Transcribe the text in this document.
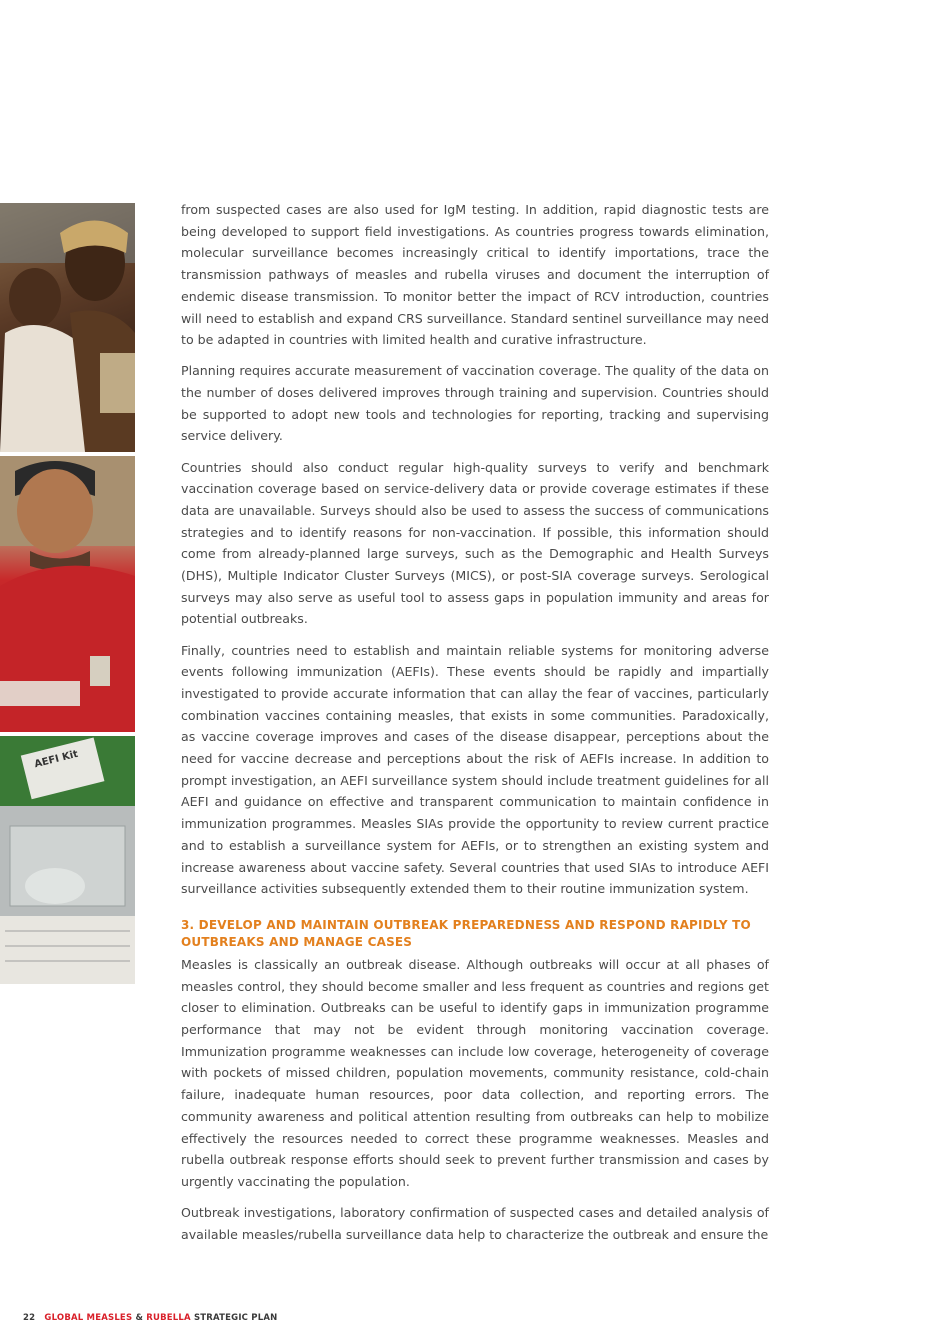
AEFI Kit

from suspected cases are also used for IgM testing. In addition, rapid diagnostic tests are being developed to support field investigations. As countries progress towards elimination, molecular surveillance becomes increasingly critical to identify importations, trace the transmission pathways of measles and rubella viruses and document the interruption of endemic disease transmission. To monitor better the impact of RCV introduction, countries will need to establish and expand CRS surveillance. Standard sentinel surveillance may need to be adapted in countries with limited health and curative infrastructure.

Planning requires accurate measurement of vaccination coverage. The quality of the data on the number of doses delivered improves through training and supervision. Countries should be supported to adopt new tools and technologies for reporting, tracking and supervising service delivery.

Countries should also conduct regular high-quality surveys to verify and benchmark vaccination coverage based on service-delivery data or provide coverage estimates if these data are unavailable. Surveys should also be used to assess the success of communications strategies and to identify reasons for non-vaccination. If possible, this information should come from already-planned large surveys, such as the Demographic and Health Surveys (DHS), Multiple Indicator Cluster Surveys (MICS), or post-SIA coverage surveys. Serological surveys may also serve as useful tool to assess gaps in population immunity and areas for potential outbreaks.

Finally, countries need to establish and maintain reliable systems for monitoring adverse events following immunization (AEFIs). These events should be rapidly and impartially investigated to provide accurate information that can allay the fear of vaccines, particularly combination vaccines containing measles, that exists in some communities. Paradoxically, as vaccine coverage improves and cases of the disease disappear, perceptions about the need for vaccine decrease and perceptions about the risk of AEFIs increase. In addition to prompt investigation, an AEFI surveillance system should include treatment guidelines for all AEFI and guidance on effective and transparent communication to maintain confidence in immunization programmes. Measles SIAs provide the opportunity to review current practice and to establish a surveillance system for AEFIs, or to strengthen an existing system and increase awareness about vaccine safety. Several countries that used SIAs to introduce AEFI surveillance activities subsequently extended them to their routine immunization system.

3. DEVELOP AND MAINTAIN OUTBREAK PREPAREDNESS AND RESPOND RAPIDLY TO OUTBREAKS AND MANAGE CASES

Measles is classically an outbreak disease. Although outbreaks will occur at all phases of measles control, they should become smaller and less frequent as countries and regions get closer to elimination. Outbreaks can be useful to identify gaps in immunization programme performance that may not be evident through monitoring vaccination coverage. Immunization programme weaknesses can include low coverage, heterogeneity of coverage with pockets of missed children, population movements, community resistance, cold-chain failure, inadequate human resources, poor data collection, and reporting errors. The community awareness and political attention resulting from outbreaks can help to mobilize effectively the resources needed to correct these programme weaknesses. Measles and rubella outbreak response efforts should seek to prevent further transmission and cases by urgently vaccinating the population.

Outbreak investigations, laboratory confirmation of suspected cases and detailed analysis of available measles/rubella surveillance data help to characterize the outbreak and ensure the

22 GLOBAL MEASLES & RUBELLA STRATEGIC PLAN
